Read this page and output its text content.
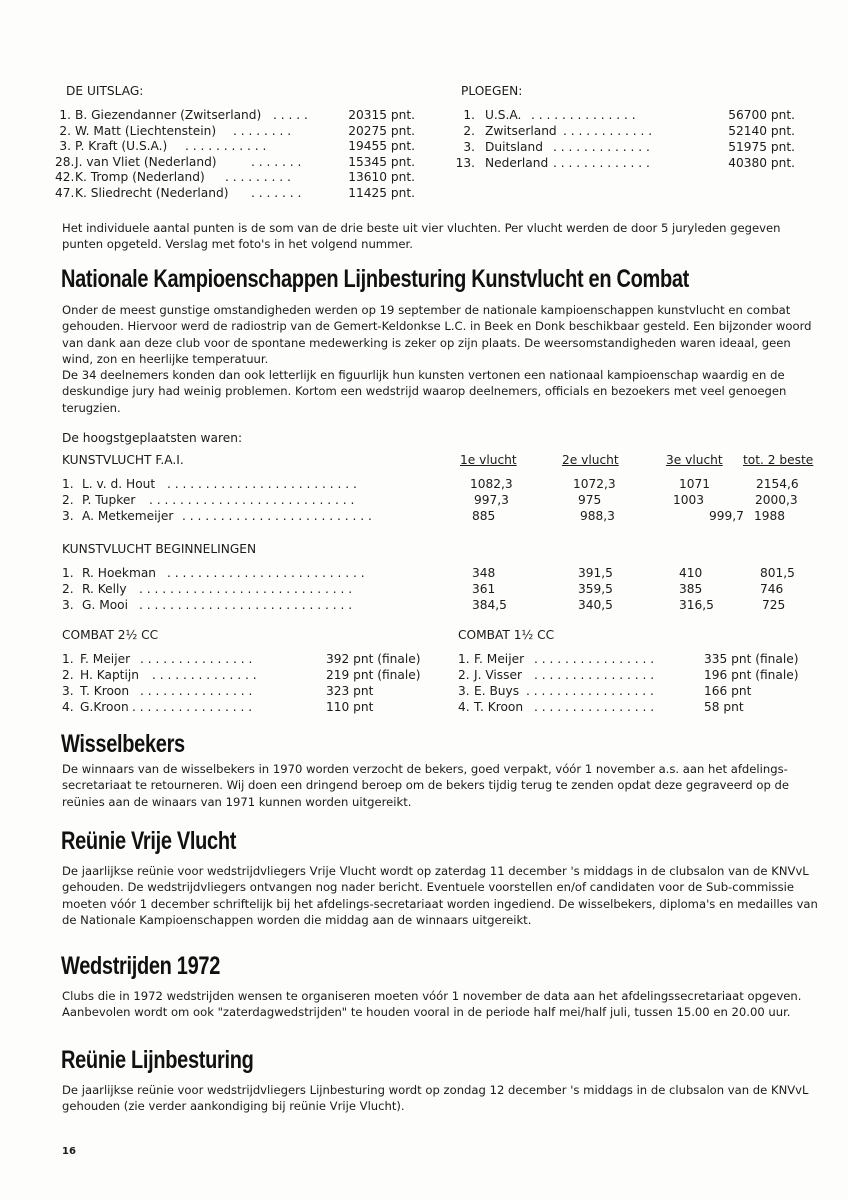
DE UITSLAG:
1. B. Giezendanner (Zwitserland) . . . . .	20315 pnt.
2. W. Matt (Liechtenstein) . . . . . . . .	20275 pnt.
3. P. Kraft (U.S.A.) . . . . . . . . . . .	19455 pnt.
28. J. van Vliet (Nederland)	. . . . . . .	15345 pnt.
42. K. Tromp (Nederland) . . . . . . . . .	13610 pnt.
47. K. Sliedrecht (Nederland) . . . . . . .	11425 pnt.
PLOEGEN:
1. U.S.A. . . . . . . . . . . . . . .	56700 pnt.
2. Zwitserland . . . . . . . . . . . .	52140 pnt.
3. Duitsland . . . . . . . . . . . . .	51975 pnt.
13. Nederland . . . . . . . . . . . . .	40380 pnt.
Het individuele aantal punten is de som van de drie beste uit vier vluchten. Per vlucht werden de door 5 juryleden gegeven punten opgeteld. Verslag met foto's in het volgend nummer.
Nationale Kampioenschappen Lijnbesturing Kunstvlucht en Combat
Onder de meest gunstige omstandigheden werden op 19 september de nationale kampioenschappen kunstvlucht en combat gehouden. Hiervoor werd de radiostrip van de Gemert-Keldonkse L.C. in Beek en Donk beschikbaar gesteld. Een bijzonder woord van dank aan deze club voor de spontane medewerking is zeker op zijn plaats. De weersomstandigheden waren ideaal, geen wind, zon en heerlijke temperatuur.
De 34 deelnemers konden dan ook letterlijk en figuurlijk hun kunsten vertonen een nationaal kampioenschap waardig en de deskundige jury had weinig problemen. Kortom een wedstrijd waarop deelnemers, officials en bezoekers met veel genoegen terugzien.
De hoogstgeplaatsten waren:
KUNSTVLUCHT F.A.I.	1e vlucht	2e vlucht	3e vlucht tot. 2 beste
1. L. v. d. Hout . . . . . . . . . . . . . . . . . . . . . . . . .	1082,3	1072,3	1071	2154,6
2. P. Tupker . . . . . . . . . . . . . . . . . . . . . . . . . . .	997,3	975	1003	2000,3
3. A. Metkemeijer . . . . . . . . . . . . . . . . . . . . . . . . .	885	988,3	999,7 1988
KUNSTVLUCHT BEGINNELINGEN
1. R. Hoekman . . . . . . . . . . . . . . . . . . . . . . . . . .	348	391,5	410	801,5
2. R. Kelly . . . . . . . . . . . . . . . . . . . . . . . . . . . .	361	359,5	385	746
3. G. Mooi . . . . . . . . . . . . . . . . . . . . . . . . . . . .	384,5	340,5	316,5	725
COMBAT 2½ CC
1. F. Meijer . . . . . . . . . . . . . . .	392 pnt (finale)
2. H. Kaptijn . . . . . . . . . . . . . .	219 pnt (finale)
3. T. Kroon . . . . . . . . . . . . . . .	323 pnt
4. G.Kroon . . . . . . . . . . . . . . . .	110 pnt
COMBAT 1½ CC
1. F. Meijer . . . . . . . . . . . . . . . .	335 pnt (finale)
2. J. Visser . . . . . . . . . . . . . . . .	196 pnt (finale)
3. E. Buys . . . . . . . . . . . . . . . . .	166 pnt
4. T. Kroon . . . . . . . . . . . . . . . .	58 pnt
Wisselbekers
De winnaars van de wisselbekers in 1970 worden verzocht de bekers, goed verpakt, vóór 1 november a.s. aan het afdelings-secretariaat te retourneren. Wij doen een dringend beroep om de bekers tijdig terug te zenden opdat deze gegraveerd op de reünies aan de winaars van 1971 kunnen worden uitgereikt.
Reünie Vrije Vlucht
De jaarlijkse reünie voor wedstrijdvliegers Vrije Vlucht wordt op zaterdag 11 december 's middags in de clubsalon van de KNVvL gehouden. De wedstrijdvliegers ontvangen nog nader bericht. Eventuele voorstellen en/of candidaten voor de Sub-commissie moeten vóór 1 december schriftelijk bij het afdelings-secretariaat worden ingediend. De wisselbekers, diploma's en medailles van de Nationale Kampioenschappen worden die middag aan de winnaars uitgereikt.
Wedstrijden 1972
Clubs die in 1972 wedstrijden wensen te organiseren moeten vóór 1 november de data aan het afdelingssecretariaat opgeven. Aanbevolen wordt om ook "zaterdagwedstrijden" te houden vooral in de periode half mei/half juli, tussen 15.00 en 20.00 uur.
Reünie Lijnbesturing
De jaarlijkse reünie voor wedstrijdvliegers Lijnbesturing wordt op zondag 12 december 's middags in de clubsalon van de KNVvL gehouden (zie verder aankondiging bij reünie Vrije Vlucht).
16
